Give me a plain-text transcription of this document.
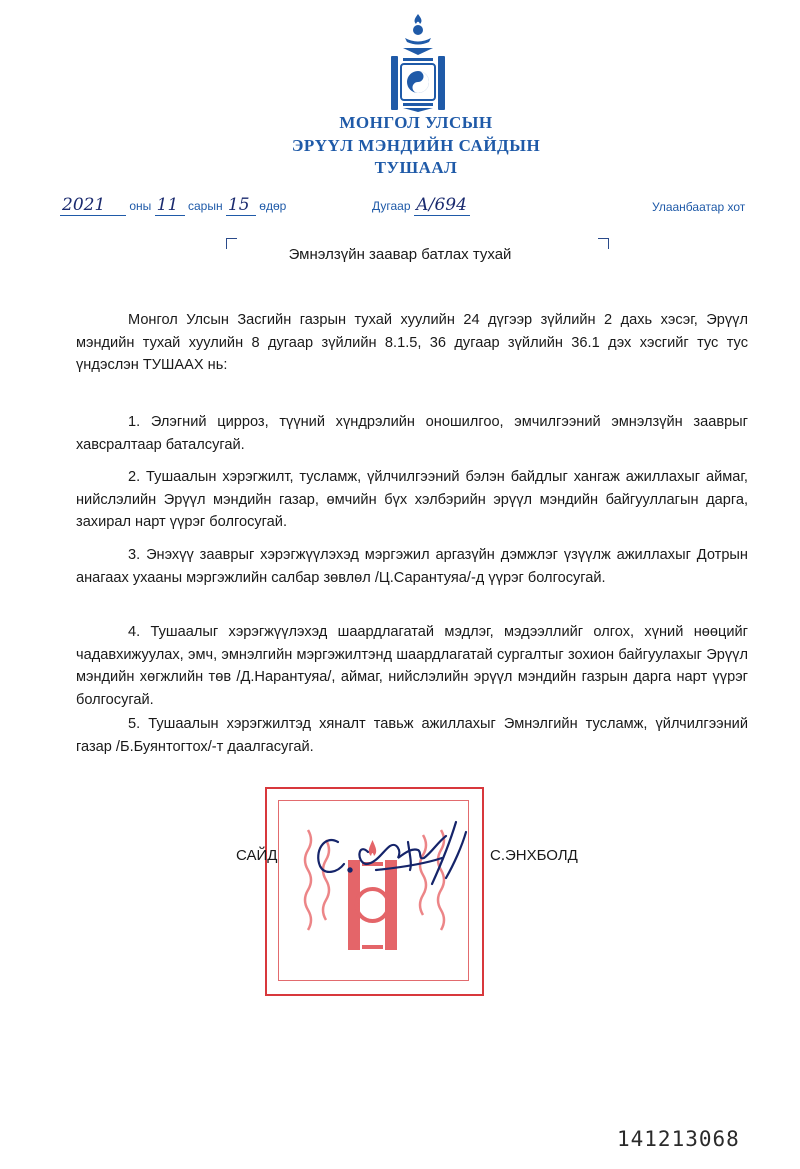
МОНГОЛ УЛСЫН
ЭРҮҮЛ МЭНДИЙН САЙДЫН
ТУШААЛ
2021 оны 11 сарын 15 өдөр	Дугаар А/694	Улаанбаатар хот
Эмнэлзүйн заавар батлах тухай

Монгол Улсын Засгийн газрын тухай хуулийн 24 дүгээр зүйлийн 2 дахь хэсэг, Эрүүл мэндийн тухай хуулийн 8 дугаар зүйлийн 8.1.5, 36 дугаар зүйлийн 36.1 дэх хэсгийг тус тус үндэслэн ТУШААХ нь:

1. Элэгний цирроз, түүний хүндрэлийн оношилгоо, эмчилгээний эмнэлзүйн зааврыг хавсралтаар баталсугай.

2. Тушаалын хэрэгжилт, тусламж, үйлчилгээний бэлэн байдлыг хангаж ажиллахыг аймаг, нийслэлийн Эрүүл мэндийн газар, өмчийн бүх хэлбэрийн эрүүл мэндийн байгууллагын дарга, захирал нарт үүрэг болгосугай.

3. Энэхүү зааврыг хэрэгжүүлэхэд мэргэжил аргазүйн дэмжлэг үзүүлж ажиллахыг Дотрын анагаах ухааны мэргэжлийн салбар зөвлөл /Ц.Сарантуяа/-д үүрэг болгосугай.

4. Тушаалыг хэрэгжүүлэхэд шаардлагатай мэдлэг, мэдээллийг олгох, хүний нөөцийг чадавхижуулах, эмч, эмнэлгийн мэргэжилтэнд шаардлагатай сургалтыг зохион байгуулахыг Эрүүл мэндийн хөгжлийн төв /Д.Нарантуяа/, аймаг, нийслэлийн эрүүл мэндийн газрын дарга нарт үүрэг болгосугай.

5. Тушаалын хэрэгжилтэд хяналт тавьж ажиллахыг Эмнэлгийн тусламж, үйлчилгээний газар /Б.Буянтогтох/-т даалгасугай.

САЙД	С.ЭНХБОЛД
141213068
